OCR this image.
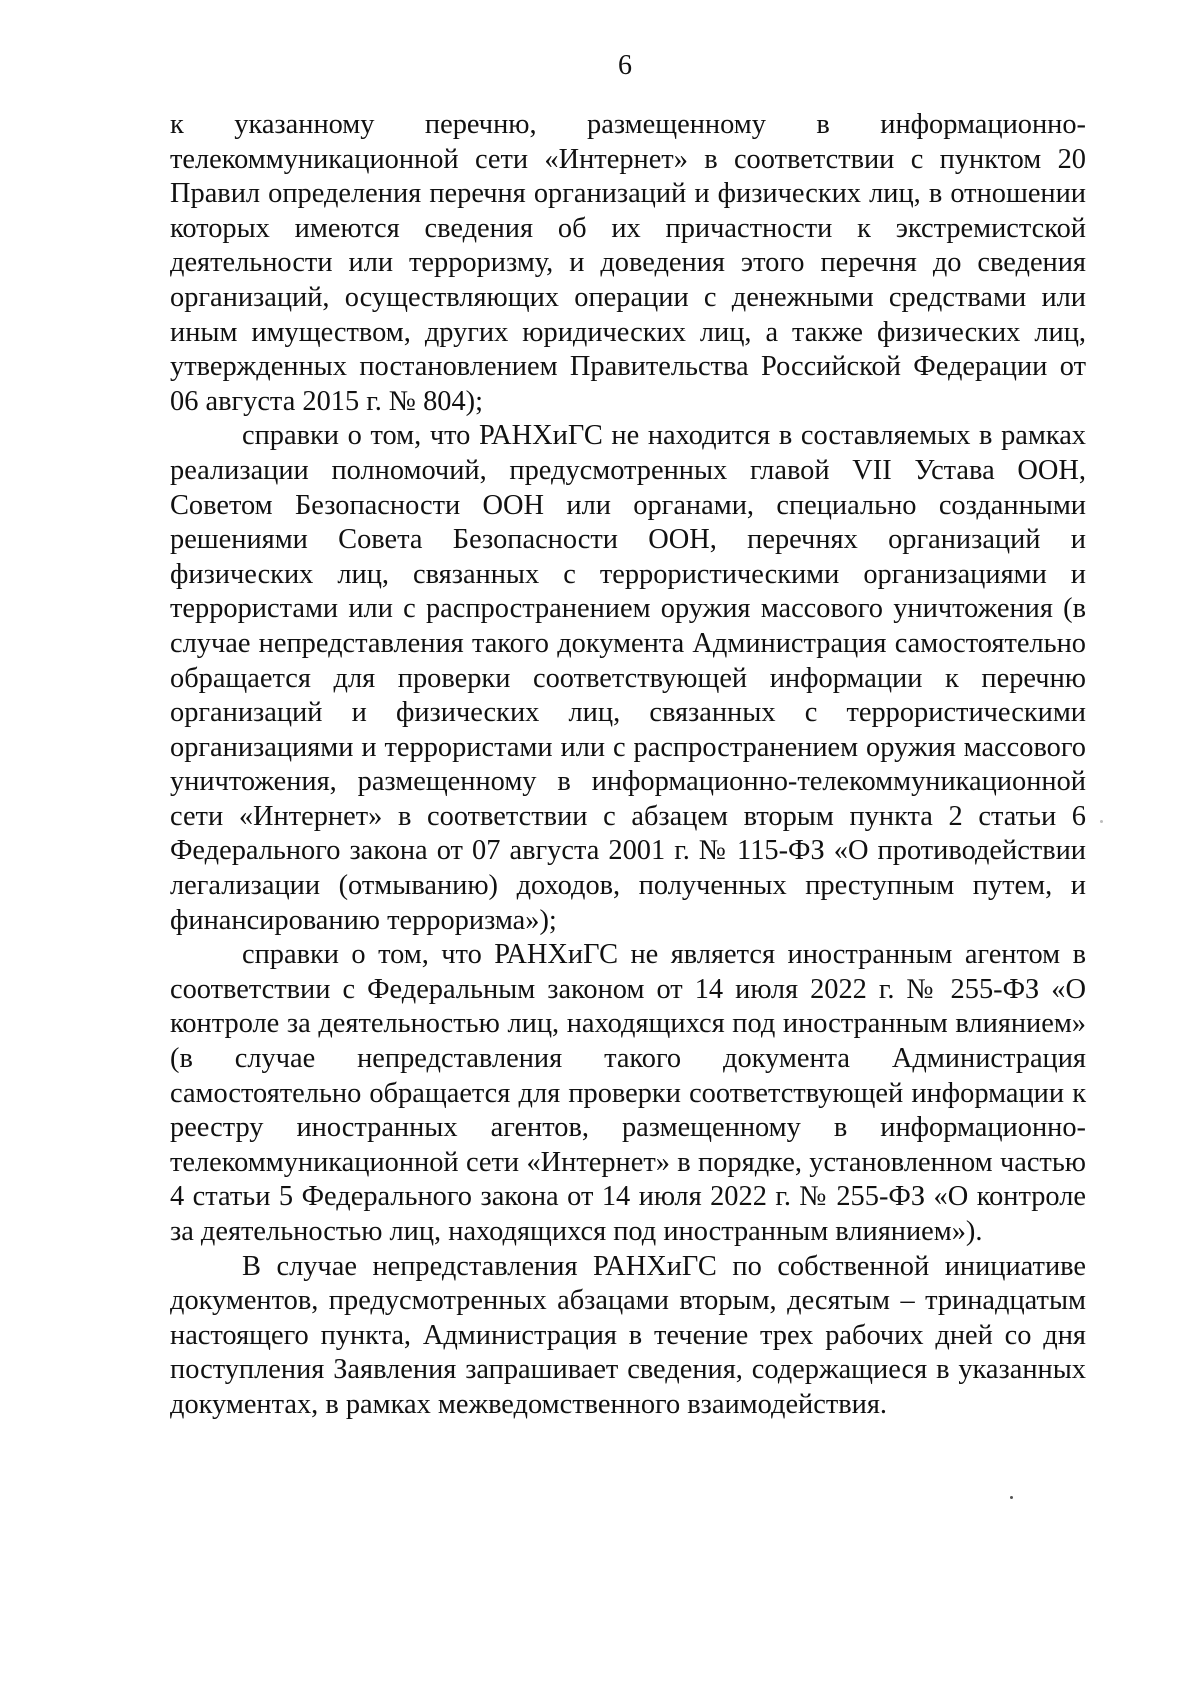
6

к указанному перечню, размещенному в информационно-телекоммуникационной сети «Интернет» в соответствии с пунктом 20 Правил определения перечня организаций и физических лиц, в отношении которых имеются сведения об их причастности к экстремистской деятельности или терроризму, и доведения этого перечня до сведения организаций, осуществляющих операции с денежными средствами или иным имуществом, других юридических лиц, а также физических лиц, утвержденных постановлением Правительства Российской Федерации от 06 августа 2015 г. № 804);

справки о том, что РАНХиГС не находится в составляемых в рамках реализации полномочий, предусмотренных главой VII Устава ООН, Советом Безопасности ООН или органами, специально созданными решениями Совета Безопасности ООН, перечнях организаций и физических лиц, связанных с террористическими организациями и террористами или с распространением оружия массового уничтожения (в случае непредставления такого документа Администрация самостоятельно обращается для проверки соответствующей информации к перечню организаций и физических лиц, связанных с террористическими организациями и террористами или с распространением оружия массового уничтожения, размещенному в информационно-телекоммуникационной сети «Интернет» в соответствии с абзацем вторым пункта 2 статьи 6 Федерального закона от 07 августа 2001 г. № 115-ФЗ «О противодействии легализации (отмыванию) доходов, полученных преступным путем, и финансированию терроризма»);

справки о том, что РАНХиГС не является иностранным агентом в соответствии с Федеральным законом от 14 июля 2022 г. № 255-ФЗ «О контроле за деятельностью лиц, находящихся под иностранным влиянием» (в случае непредставления такого документа Администрация самостоятельно обращается для проверки соответствующей информации к реестру иностранных агентов, размещенному в информационно-телекоммуникационной сети «Интернет» в порядке, установленном частью 4 статьи 5 Федерального закона от 14 июля 2022 г. № 255-ФЗ «О контроле за деятельностью лиц, находящихся под иностранным влиянием»).

В случае непредставления РАНХиГС по собственной инициативе документов, предусмотренных абзацами вторым, десятым – тринадцатым настоящего пункта, Администрация в течение трех рабочих дней со дня поступления Заявления запрашивает сведения, содержащиеся в указанных документах, в рамках межведомственного взаимодействия.
